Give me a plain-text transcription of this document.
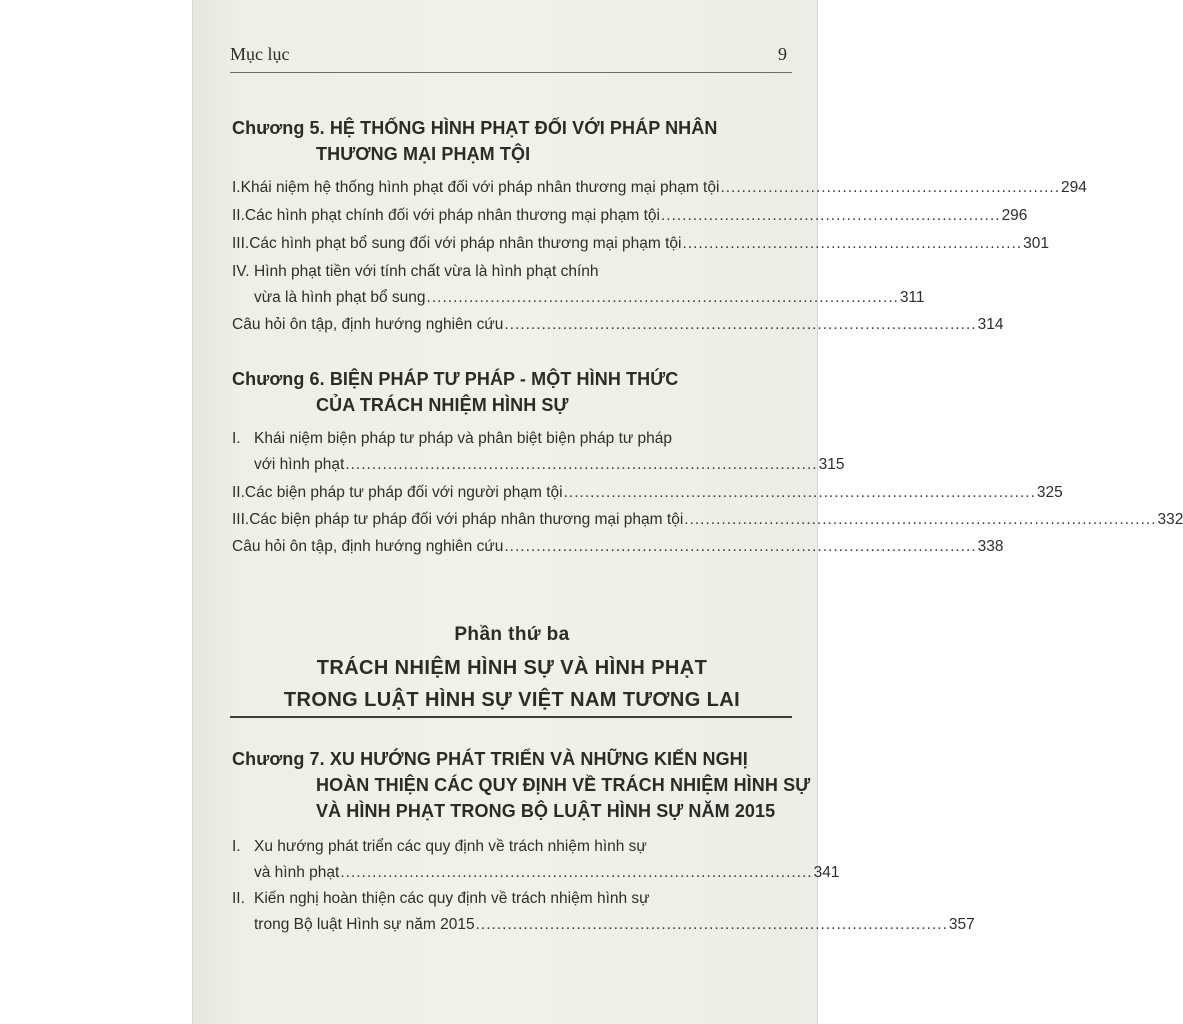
Mục lục	9
Chương 5. HỆ THỐNG HÌNH PHẠT ĐỐI VỚI PHÁP NHÂN
THƯƠNG MẠI PHẠM TỘI
I. Khái niệm hệ thống hình phạt đối với pháp nhân thương mại phạm tội ................................................................ 294
II. Các hình phạt chính đối với pháp nhân thương mại phạm tội ................................................................ 296
III. Các hình phạt bổ sung đối với pháp nhân thương mại phạm tội ................................................................ 301
IV. Hình phạt tiền với tính chất vừa là hình phạt chính
vừa là hình phạt bổ sung ......................................................................................... 311
Câu hỏi ôn tập, định hướng nghiên cứu ......................................................................................... 314
Chương 6. BIỆN PHÁP TƯ PHÁP - MỘT HÌNH THỨC
CỦA TRÁCH NHIỆM HÌNH SỰ
I. Khái niệm biện pháp tư pháp và phân biệt biện pháp tư pháp
với hình phạt ......................................................................................... 315
II. Các biện pháp tư pháp đối với người phạm tội ......................................................................................... 325
III. Các biện pháp tư pháp đối với pháp nhân thương mại phạm tội ......................................................................................... 332
Câu hỏi ôn tập, định hướng nghiên cứu ......................................................................................... 338
Phần thứ ba
TRÁCH NHIỆM HÌNH SỰ VÀ HÌNH PHẠT
TRONG LUẬT HÌNH SỰ VIỆT NAM TƯƠNG LAI
Chương 7. XU HƯỚNG PHÁT TRIỂN VÀ NHỮNG KIẾN NGHỊ
HOÀN THIỆN CÁC QUY ĐỊNH VỀ TRÁCH NHIỆM HÌNH SỰ
VÀ HÌNH PHẠT TRONG BỘ LUẬT HÌNH SỰ NĂM 2015
I. Xu hướng phát triển các quy định về trách nhiệm hình sự
và hình phạt ......................................................................................... 341
II. Kiến nghị hoàn thiện các quy định về trách nhiệm hình sự
trong Bộ luật Hình sự năm 2015 ......................................................................................... 357
